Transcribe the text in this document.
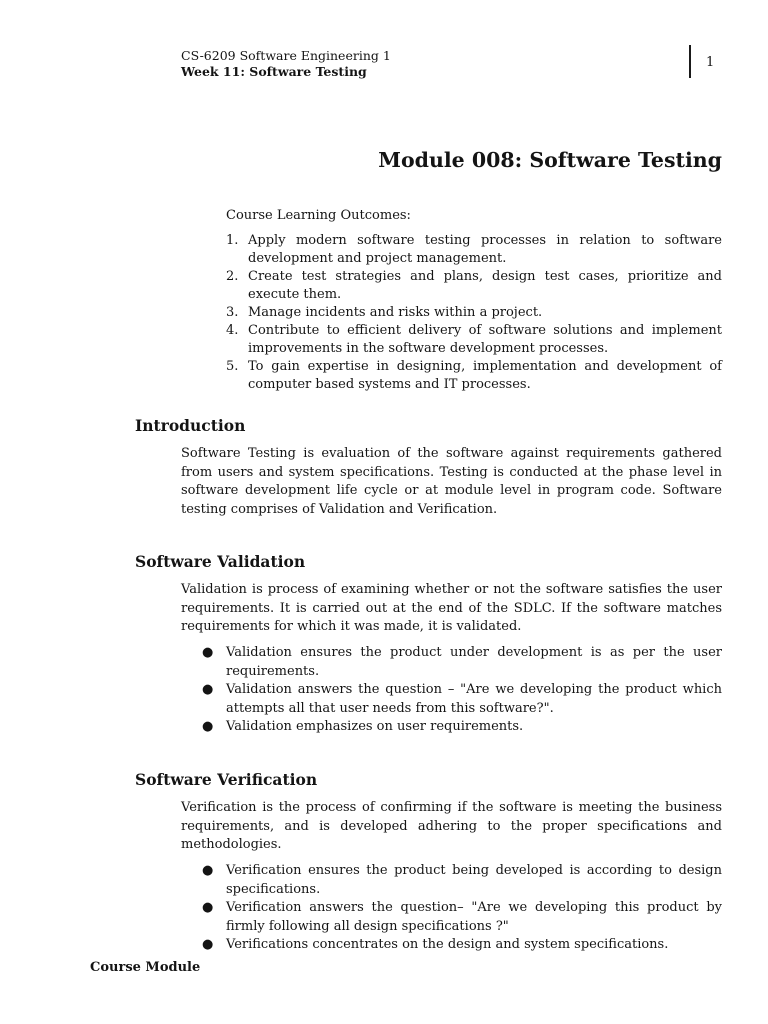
CS-6209 Software Engineering 1
Week 11: Software Testing
1
Module 008: Software Testing
Course Learning Outcomes:
1. Apply modern software testing processes in relation to software development and project management.
2. Create test strategies and plans, design test cases, prioritize and execute them.
3. Manage incidents and risks within a project.
4. Contribute to efficient delivery of software solutions and implement improvements in the software development processes.
5. To gain expertise in designing, implementation and development of computer based systems and IT processes.
Introduction

Software Testing is evaluation of the software against requirements gathered from users and system specifications. Testing is conducted at the phase level in software development life cycle or at module level in program code. Software testing comprises of Validation and Verification.

Software Validation

Validation is process of examining whether or not the software satisfies the user requirements. It is carried out at the end of the SDLC. If the software matches requirements for which it was made, it is validated.

● Validation ensures the product under development is as per the user requirements.
● Validation answers the question – "Are we developing the product which attempts all that user needs from this software?".
● Validation emphasizes on user requirements.
Software Verification

Verification is the process of confirming if the software is meeting the business requirements, and is developed adhering to the proper specifications and methodologies.

● Verification ensures the product being developed is according to design specifications.
● Verification answers the question– "Are we developing this product by firmly following all design specifications ?"
● Verifications concentrates on the design and system specifications.
Course Module
